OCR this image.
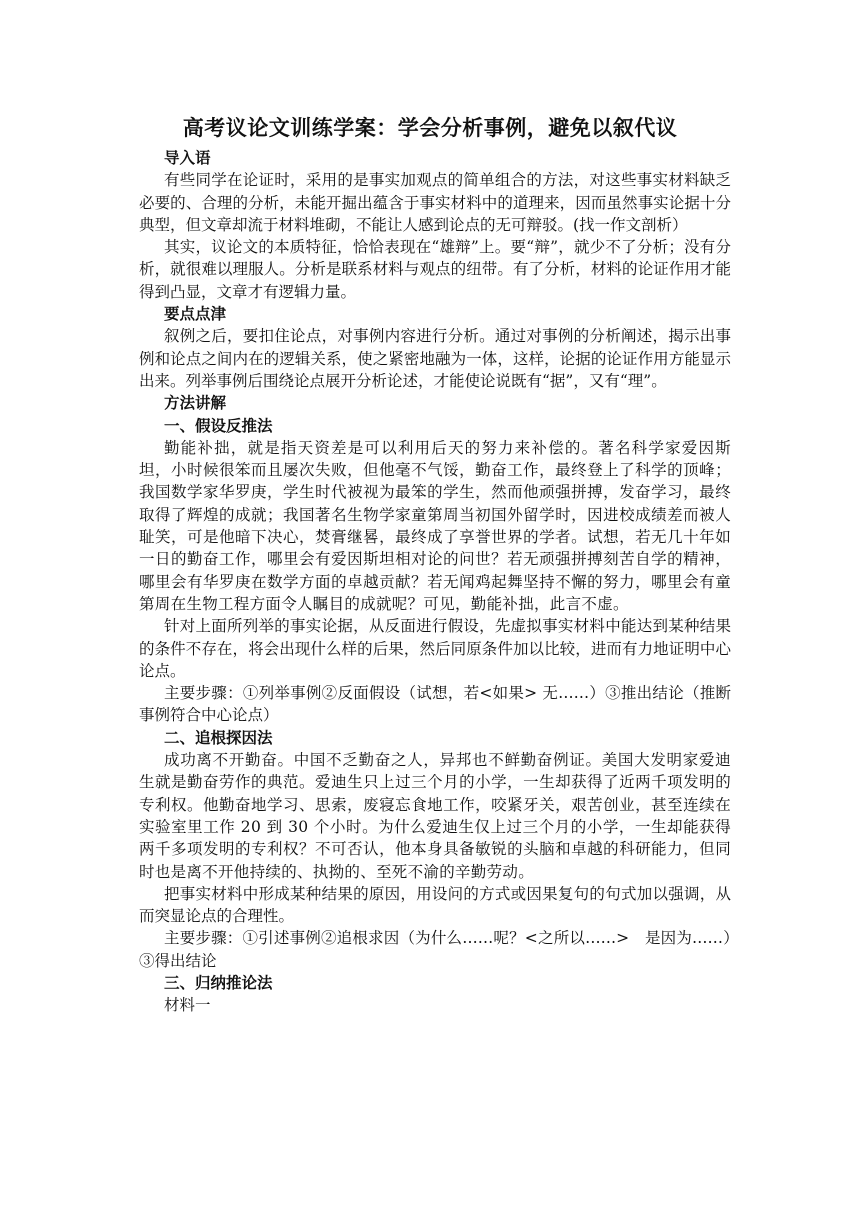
高考议论文训练学案：学会分析事例，避免以叙代议

导入语

有些同学在论证时，采用的是事实加观点的简单组合的方法，对这些事实材料缺乏必要的、合理的分析，未能开掘出蕴含于事实材料中的道理来，因而虽然事实论据十分典型，但文章却流于材料堆砌，不能让人感到论点的无可辩驳。(找一作文剖析）

其实，议论文的本质特征，恰恰表现在“雄辩”上。要“辩”，就少不了分析；没有分析，就很难以理服人。分析是联系材料与观点的纽带。有了分析，材料的论证作用才能得到凸显，文章才有逻辑力量。

要点点津

叙例之后，要扣住论点，对事例内容进行分析。通过对事例的分析阐述，揭示出事例和论点之间内在的逻辑关系，使之紧密地融为一体，这样，论据的论证作用方能显示出来。列举事例后围绕论点展开分析论述，才能使论说既有“据”，又有“理”。

方法讲解

一、假设反推法

勤能补拙，就是指天资差是可以利用后天的努力来补偿的。著名科学家爱因斯坦，小时候很笨而且屡次失败，但他毫不气馁，勤奋工作，最终登上了科学的顶峰；我国数学家华罗庚，学生时代被视为最笨的学生，然而他顽强拼搏，发奋学习，最终取得了辉煌的成就；我国著名生物学家童第周当初国外留学时，因进校成绩差而被人耻笑，可是他暗下决心，焚膏继晷，最终成了享誉世界的学者。试想，若无几十年如一日的勤奋工作，哪里会有爱因斯坦相对论的问世？若无顽强拼搏刻苦自学的精神，哪里会有华罗庚在数学方面的卓越贡献？若无闻鸡起舞坚持不懈的努力，哪里会有童第周在生物工程方面令人瞩目的成就呢？可见，勤能补拙，此言不虚。

针对上面所列举的事实论据，从反面进行假设，先虚拟事实材料中能达到某种结果的条件不存在，将会出现什么样的后果，然后同原条件加以比较，进而有力地证明中心论点。

主要步骤：①列举事例②反面假设（试想，若<如果> 无……）③推出结论（推断事例符合中心论点）

二、追根探因法

成功离不开勤奋。中国不乏勤奋之人，异邦也不鲜勤奋例证。美国大发明家爱迪生就是勤奋劳作的典范。爱迪生只上过三个月的小学，一生却获得了近两千项发明的专利权。他勤奋地学习、思索，废寝忘食地工作，咬紧牙关，艰苦创业，甚至连续在实验室里工作 20 到 30 个小时。为什么爱迪生仅上过三个月的小学，一生却能获得两千多项发明的专利权？不可否认，他本身具备敏锐的头脑和卓越的科研能力，但同时也是离不开他持续的、执拗的、至死不渝的辛勤劳动。

把事实材料中形成某种结果的原因，用设问的方式或因果复句的句式加以强调，从而突显论点的合理性。

主要步骤：①引述事例②追根求因（为什么……呢？<之所以……>　是因为……）③得出结论

三、归纳推论法

材料一
